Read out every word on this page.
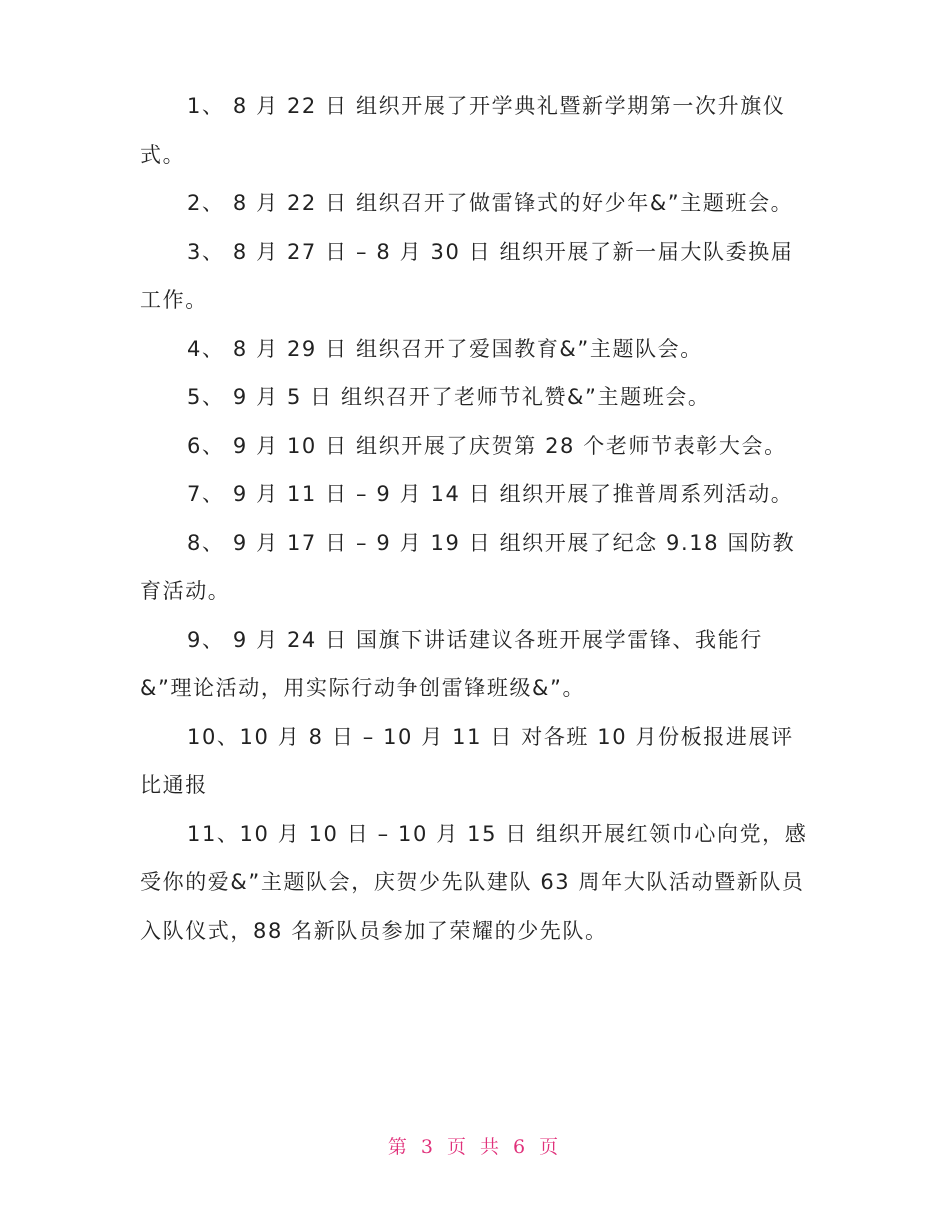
1、 8 月 22 日 组织开展了开学典礼暨新学期第一次升旗仪式。

2、 8 月 22 日 组织召开了做雷锋式的好少年&”主题班会。

3、 8 月 27 日 – 8 月 30 日 组织开展了新一届大队委换届工作。

4、 8 月 29 日 组织召开了爱国教育&”主题队会。

5、 9 月 5 日 组织召开了老师节礼赞&”主题班会。

6、 9 月 10 日 组织开展了庆贺第 28 个老师节表彰大会。

7、 9 月 11 日 – 9 月 14 日 组织开展了推普周系列活动。

8、 9 月 17 日 – 9 月 19 日 组织开展了纪念 9.18 国防教育活动。

9、 9 月 24 日 国旗下讲话建议各班开展学雷锋、我能行&”理论活动，用实际行动争创雷锋班级&”。

10、10 月 8 日 – 10 月 11 日 对各班 10 月份板报进展评比通报

11、10 月 10 日 – 10 月 15 日 组织开展红领巾心向党，感受你的爱&”主题队会，庆贺少先队建队 63 周年大队活动暨新队员入队仪式，88 名新队员参加了荣耀的少先队。

第 3 页 共 6 页
